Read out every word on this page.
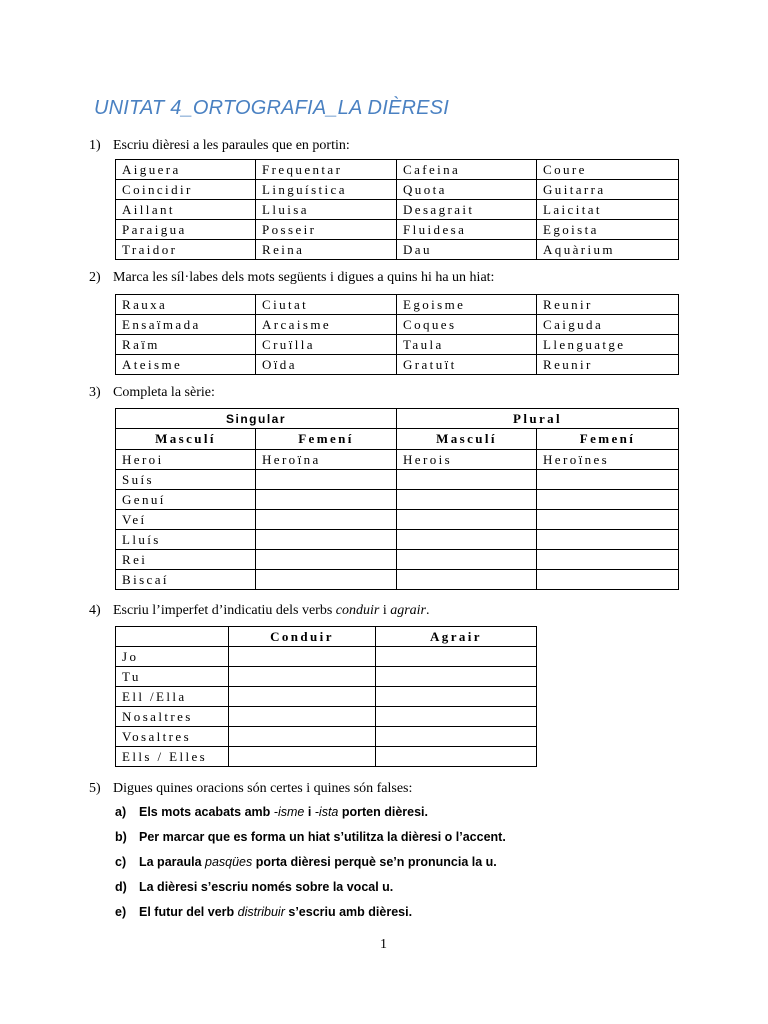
UNITAT 4_ORTOGRAFIA_LA DIÈRESI
1) Escriu dièresi a les paraules que en portin:
Aiguera	Frequentar	Cafeina	Coure
Coincidir	Linguística	Quota	Guitarra
Aillant	Lluisa	Desagrait	Laicitat
Paraigua	Posseir	Fluidesa	Egoista
Traidor	Reina	Dau	Aquàrium
2) Marca les síl·labes dels mots següents i digues a quins hi ha un hiat:
Rauxa	Ciutat	Egoisme	Reunir
Ensaïmada	Arcaisme	Coques	Caiguda
Raïm	Cruïlla	Taula	Llenguatge
Ateisme	Oïda	Gratuït	Reunir
3) Completa la sèrie:
Singular		Plural	
Masculí	Femení	Masculí	Femení
Heroi	Heroïna	Herois	Heroïnes
Suís			
Genuí			
Veí			
Lluís			
Rei			
Biscaí			
4) Escriu l’imperfet d’indicatiu dels verbs conduir i agrair.
	Conduir	Agrair
Jo		
Tu		
Ell /Ella		
Nosaltres		
Vosaltres		
Ells / Elles		
5) Digues quines oracions són certes i quines són falses:
a) Els mots acabats amb -isme i -ista porten dièresi.
b) Per marcar que es forma un hiat s’utilitza la dièresi o l’accent.
c) La paraula pasqües porta dièresi perquè se’n pronuncia la u.
d) La dièresi s’escriu només sobre la vocal u.
e) El futur del verb distribuir s’escriu amb dièresi.
1
